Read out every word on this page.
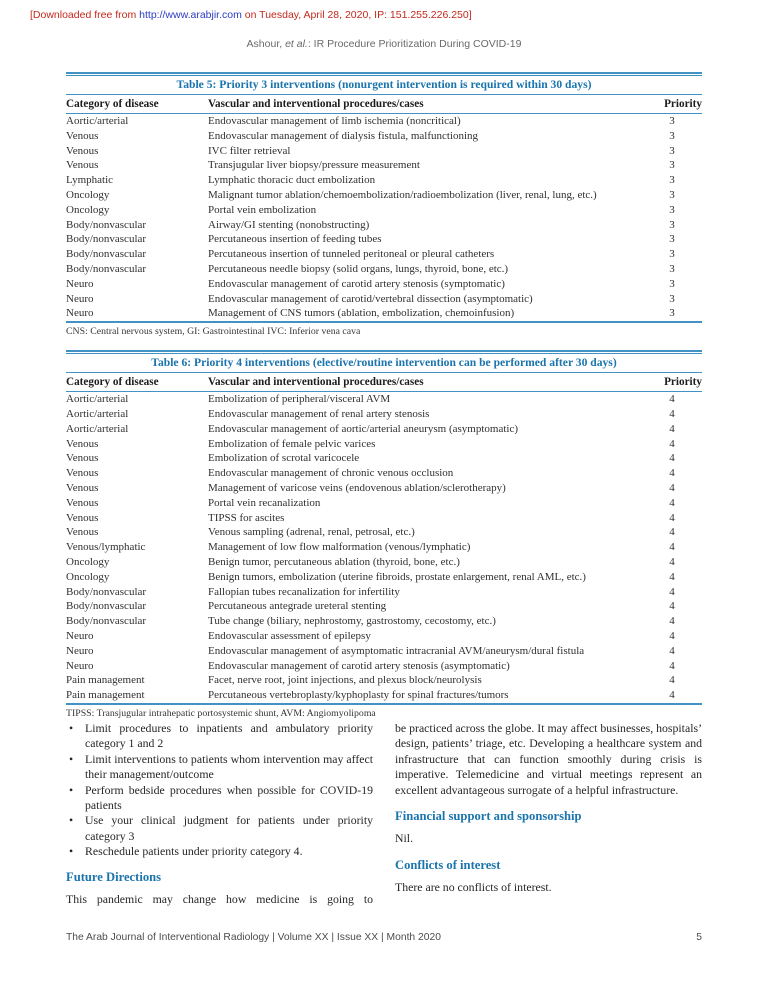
[Downloaded free from http://www.arabjir.com on Tuesday, April 28, 2020, IP: 151.255.226.250]
Ashour, et al.: IR Procedure Prioritization During COVID-19
Table 5: Priority 3 interventions (nonurgent intervention is required within 30 days)
Category of disease	Vascular and interventional procedures/cases	Priority
Aortic/arterial	Endovascular management of limb ischemia (noncritical)	3
Venous	Endovascular management of dialysis fistula, malfunctioning	3
Venous	IVC filter retrieval	3
Venous	Transjugular liver biopsy/pressure measurement	3
Lymphatic	Lymphatic thoracic duct embolization	3
Oncology	Malignant tumor ablation/chemoembolization/radioembolization (liver, renal, lung, etc.)	3
Oncology	Portal vein embolization	3
Body/nonvascular	Airway/GI stenting (nonobstructing)	3
Body/nonvascular	Percutaneous insertion of feeding tubes	3
Body/nonvascular	Percutaneous insertion of tunneled peritoneal or pleural catheters	3
Body/nonvascular	Percutaneous needle biopsy (solid organs, lungs, thyroid, bone, etc.)	3
Neuro	Endovascular management of carotid artery stenosis (symptomatic)	3
Neuro	Endovascular management of carotid/vertebral dissection (asymptomatic)	3
Neuro	Management of CNS tumors (ablation, embolization, chemoinfusion)	3
CNS: Central nervous system, GI: Gastrointestinal IVC: Inferior vena cava
Table 6: Priority 4 interventions (elective/routine intervention can be performed after 30 days)
Category of disease	Vascular and interventional procedures/cases	Priority
Aortic/arterial	Embolization of peripheral/visceral AVM	4
Aortic/arterial	Endovascular management of renal artery stenosis	4
Aortic/arterial	Endovascular management of aortic/arterial aneurysm (asymptomatic)	4
Venous	Embolization of female pelvic varices	4
Venous	Embolization of scrotal varicocele	4
Venous	Endovascular management of chronic venous occlusion	4
Venous	Management of varicose veins (endovenous ablation/sclerotherapy)	4
Venous	Portal vein recanalization	4
Venous	TIPSS for ascites	4
Venous	Venous sampling (adrenal, renal, petrosal, etc.)	4
Venous/lymphatic	Management of low flow malformation (venous/lymphatic)	4
Oncology	Benign tumor, percutaneous ablation (thyroid, bone, etc.)	4
Oncology	Benign tumors, embolization (uterine fibroids, prostate enlargement, renal AML, etc.)	4
Body/nonvascular	Fallopian tubes recanalization for infertility	4
Body/nonvascular	Percutaneous antegrade ureteral stenting	4
Body/nonvascular	Tube change (biliary, nephrostomy, gastrostomy, cecostomy, etc.)	4
Neuro	Endovascular assessment of epilepsy	4
Neuro	Endovascular management of asymptomatic intracranial AVM/aneurysm/dural fistula	4
Neuro	Endovascular management of carotid artery stenosis (asymptomatic)	4
Pain management	Facet, nerve root, joint injections, and plexus block/neurolysis	4
Pain management	Percutaneous vertebroplasty/kyphoplasty for spinal fractures/tumors	4
TIPSS: Transjugular intrahepatic portosystemic shunt, AVM: Angiomyolipoma
•	Limit procedures to inpatients and ambulatory priority category 1 and 2
•	Limit interventions to patients whom intervention may affect their management/outcome
•	Perform bedside procedures when possible for COVID-19 patients
•	Use your clinical judgment for patients under priority category 3
•	Reschedule patients under priority category 4.
Future Directions
This pandemic may change how medicine is going to
be practiced across the globe. It may affect businesses, hospitals’ design, patients’ triage, etc. Developing a healthcare system and infrastructure that can function smoothly during crisis is imperative. Telemedicine and virtual meetings represent an excellent advantageous surrogate of a helpful infrastructure.
Financial support and sponsorship
Nil.
Conflicts of interest
There are no conflicts of interest.
The Arab Journal of Interventional Radiology | Volume XX | Issue XX | Month 2020	5
